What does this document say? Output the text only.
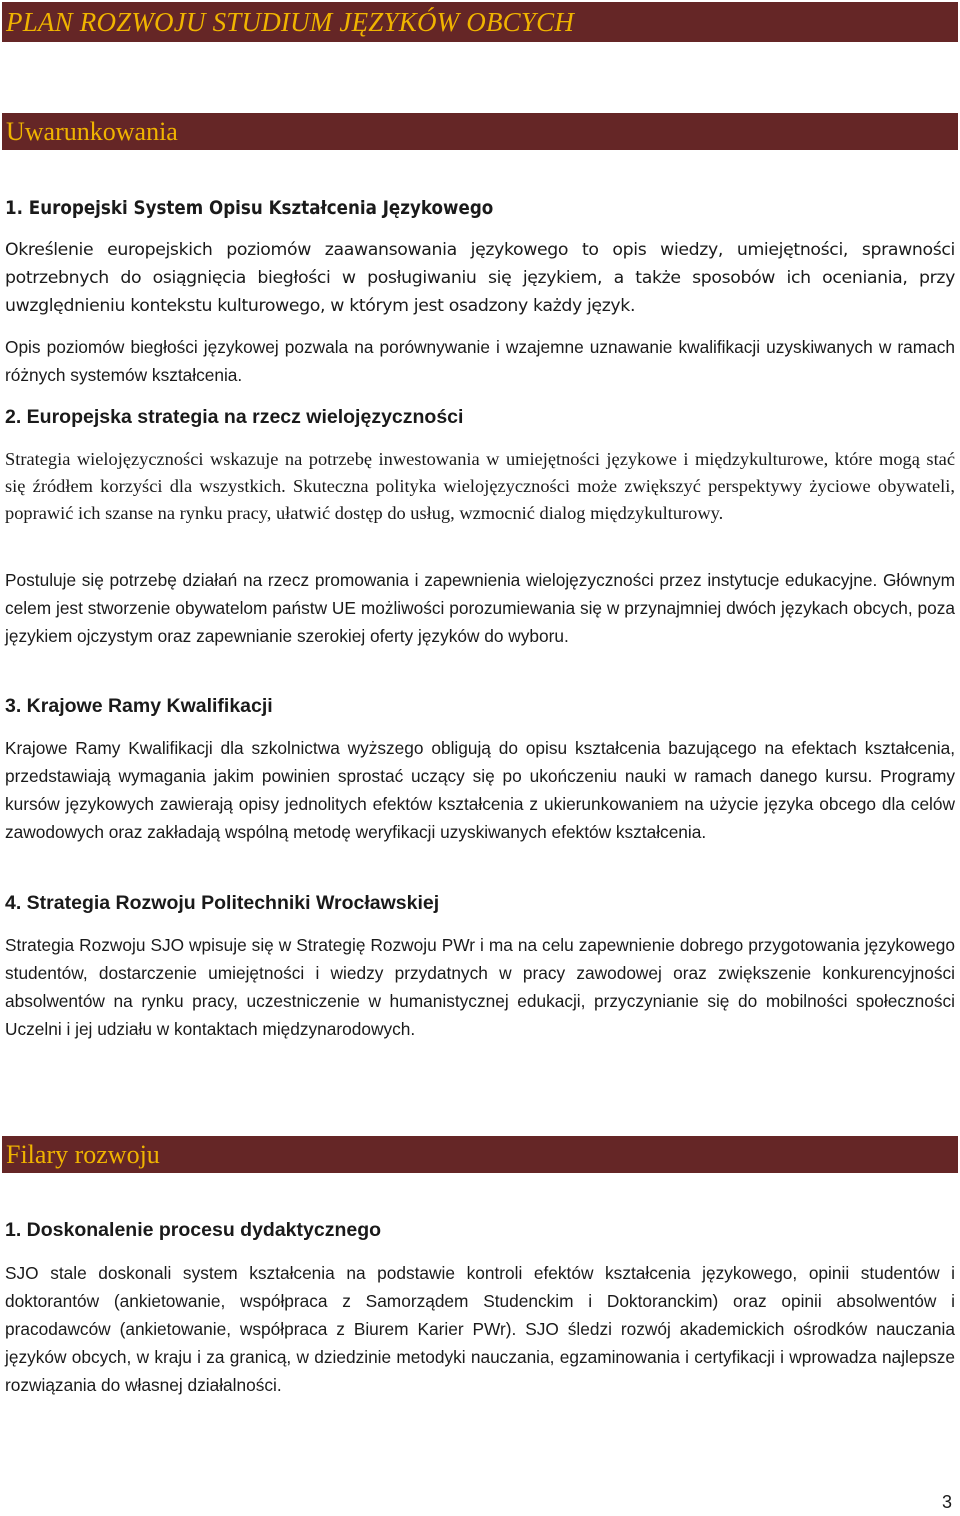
PLAN ROZWOJU STUDIUM JĘZYKÓW OBCYCH
Uwarunkowania
1. Europejski System Opisu Kształcenia Językowego
Określenie europejskich poziomów zaawansowania językowego to opis wiedzy, umiejętności, sprawności potrzebnych do osiągnięcia biegłości w posługiwaniu się językiem, a także sposobów ich oceniania, przy uwzględnieniu kontekstu kulturowego, w którym jest osadzony każdy język.
Opis poziomów biegłości językowej pozwala na porównywanie i wzajemne uznawanie kwalifikacji uzyskiwanych w ramach różnych systemów kształcenia.
2. Europejska strategia na rzecz wielojęzyczności
Strategia wielojęzyczności wskazuje na potrzebę inwestowania w umiejętności językowe i międzykulturowe, które mogą stać się źródłem korzyści dla wszystkich. Skuteczna polityka wielojęzyczności może zwiększyć perspektywy życiowe obywateli, poprawić ich szanse na rynku pracy, ułatwić dostęp do usług, wzmocnić dialog międzykulturowy.
Postuluje się potrzebę działań na rzecz promowania i zapewnienia wielojęzyczności przez instytucje edukacyjne. Głównym celem jest stworzenie obywatelom państw UE możliwości porozumiewania się w przynajmniej dwóch językach obcych, poza językiem ojczystym oraz zapewnianie szerokiej oferty języków do wyboru.
3. Krajowe Ramy Kwalifikacji
Krajowe Ramy Kwalifikacji dla szkolnictwa wyższego obligują do opisu kształcenia bazującego na efektach kształcenia, przedstawiają wymagania jakim powinien sprostać uczący się po ukończeniu nauki w ramach danego kursu. Programy kursów językowych zawierają opisy jednolitych efektów kształcenia z ukierunkowaniem na użycie języka obcego dla celów zawodowych oraz zakładają wspólną metodę weryfikacji uzyskiwanych efektów kształcenia.
4. Strategia Rozwoju Politechniki Wrocławskiej
Strategia Rozwoju SJO wpisuje się w Strategię Rozwoju PWr i ma na celu zapewnienie dobrego przygotowania językowego studentów, dostarczenie umiejętności i wiedzy przydatnych w pracy zawodowej oraz zwiększenie konkurencyjności absolwentów na rynku pracy, uczestniczenie w humanistycznej edukacji, przyczynianie się do mobilności społeczności Uczelni i jej udziału w kontaktach międzynarodowych.
Filary rozwoju
1. Doskonalenie procesu dydaktycznego
SJO stale doskonali system kształcenia na podstawie kontroli efektów kształcenia językowego, opinii studentów i doktorantów (ankietowanie, współpraca z Samorządem Studenckim i Doktoranckim) oraz opinii absolwentów i pracodawców (ankietowanie, współpraca z Biurem Karier PWr). SJO śledzi rozwój akademickich ośrodków nauczania języków obcych, w kraju i za granicą, w dziedzinie metodyki nauczania, egzaminowania i certyfikacji i wprowadza najlepsze rozwiązania do własnej działalności.
3
